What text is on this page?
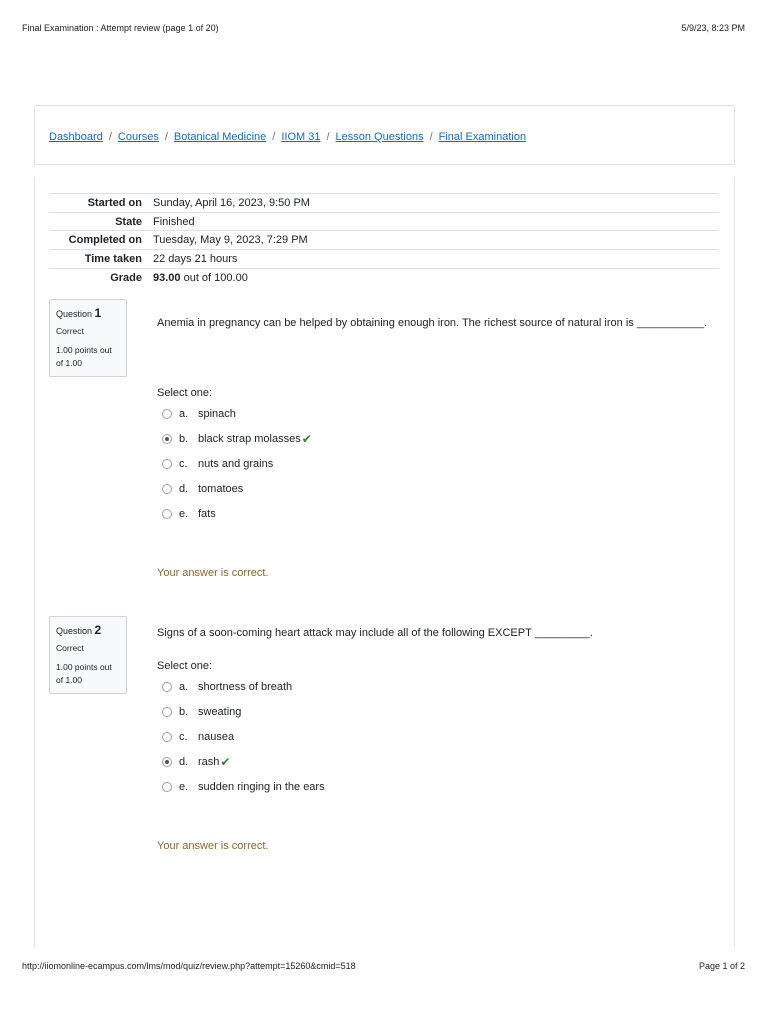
Final Examination : Attempt review (page 1 of 20)	5/9/23, 8:23 PM
Dashboard / Courses / Botanical Medicine / IIOM 31 / Lesson Questions / Final Examination
Started on	Sunday, April 16, 2023, 9:50 PM
State	Finished
Completed on	Tuesday, May 9, 2023, 7:29 PM
Time taken	22 days 21 hours
Grade	93.00 out of 100.00
Question 1
Correct
1.00 points out of 1.00
Anemia in pregnancy can be helped by obtaining enough iron. The richest source of natural iron is ___________.
Select one:
a. spinach
b. black strap molasses ✔
c. nuts and grains
d. tomatoes
e. fats
Your answer is correct.
Question 2
Correct
1.00 points out of 1.00
Signs of a soon-coming heart attack may include all of the following EXCEPT _________.
Select one:
a. shortness of breath
b. sweating
c. nausea
d. rash ✔
e. sudden ringing in the ears
Your answer is correct.
http://iiomonline-ecampus.com/lms/mod/quiz/review.php?attempt=15260&cmid=518	Page 1 of 2
